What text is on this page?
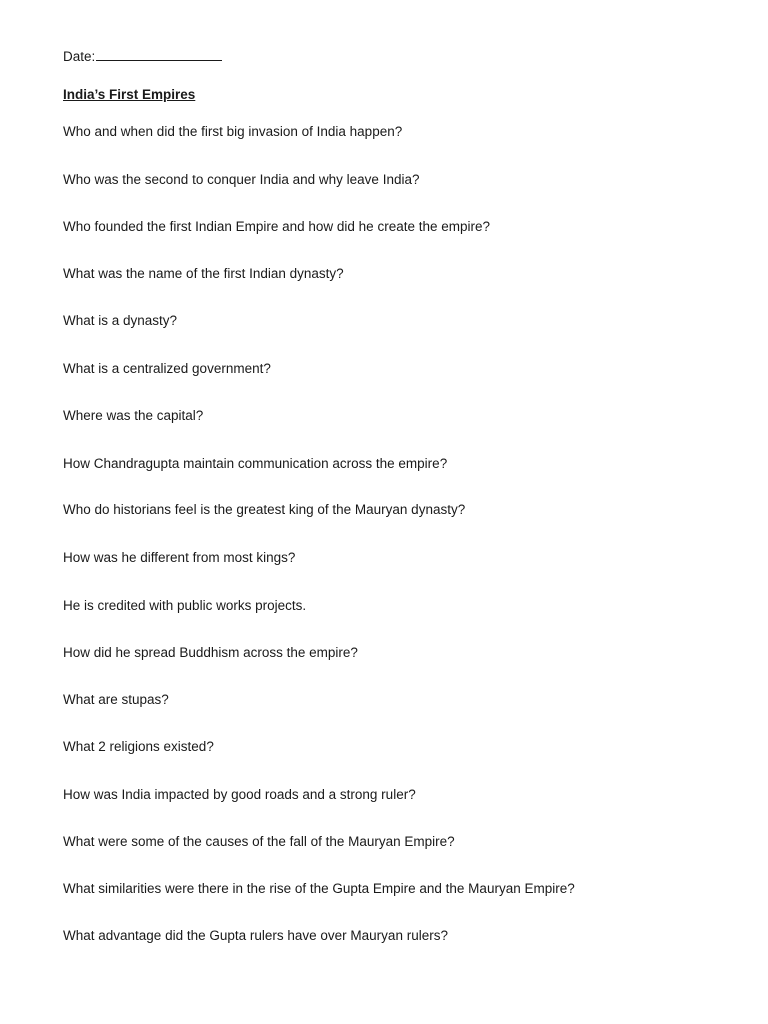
Date:
India’s First Empires
Who and when did the first big invasion of India happen?
Who was the second to conquer India and why leave India?
Who founded the first Indian Empire and how did he create the empire?
What was the name of the first Indian dynasty?
What is a dynasty?
What is a centralized government?
Where was the capital?
How Chandragupta maintain communication across the empire?
Who do historians feel is the greatest king of the Mauryan dynasty?
How was he different from most kings?
He is credited with public works projects.
How did he spread Buddhism across the empire?
What are stupas?
What 2 religions existed?
How was India impacted by good roads and a strong ruler?
What were some of the causes of the fall of the Mauryan Empire?
What similarities were there in the rise of the Gupta Empire and the Mauryan Empire?
What advantage did the Gupta rulers have over Mauryan rulers?
